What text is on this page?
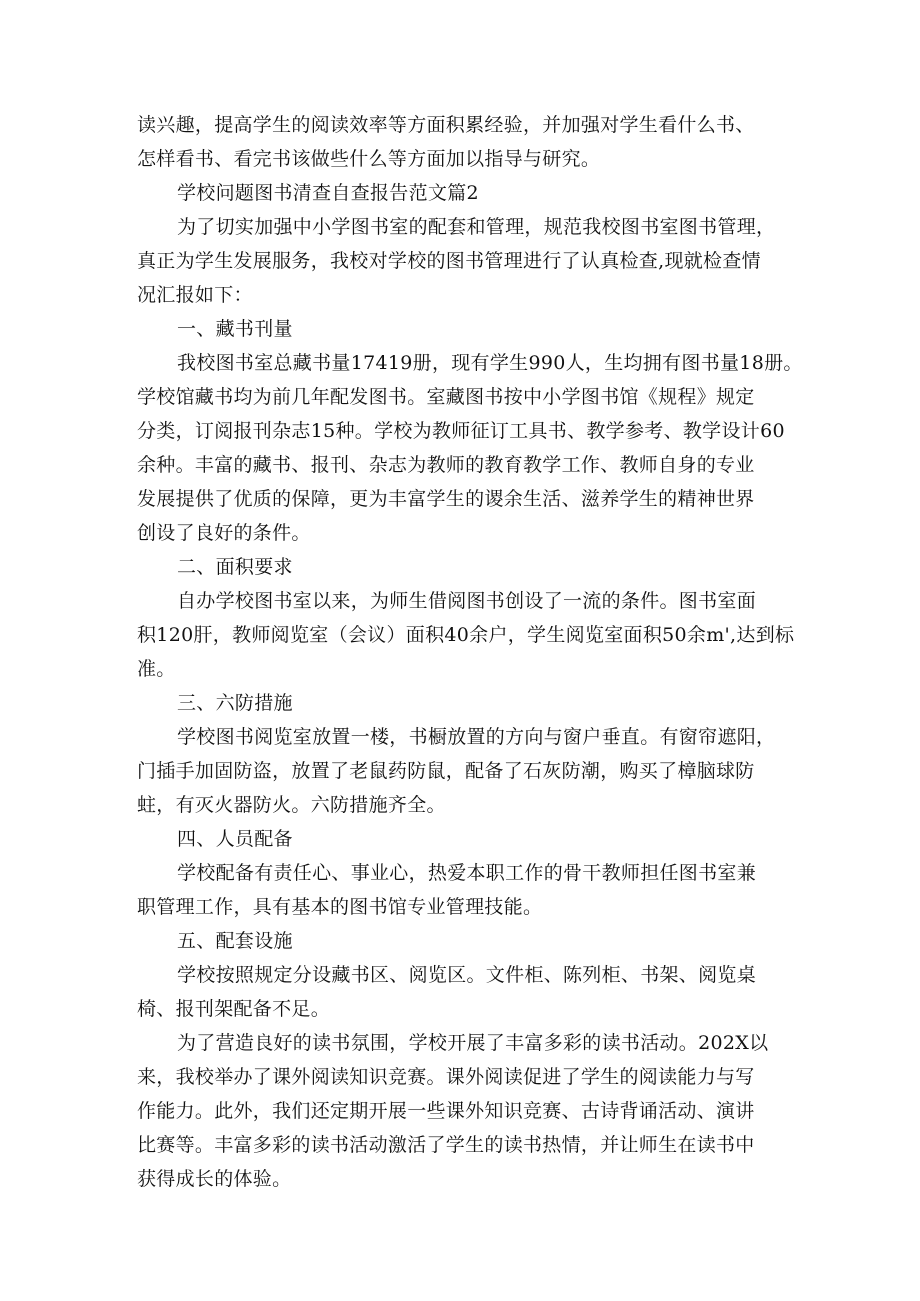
读兴趣，提高学生的阅读效率等方面积累经验，并加强对学生看什么书、
怎样看书、看完书该做些什么等方面加以指导与研究。
学校问题图书清查自查报告范文篇2
为了切实加强中小学图书室的配套和管理，规范我校图书室图书管理，
真正为学生发展服务，我校对学校的图书管理进行了认真检查,现就检查情
况汇报如下：
一、藏书刊量
我校图书室总藏书量17419册，现有学生990人，生均拥有图书量18册。
学校馆藏书均为前几年配发图书。室藏图书按中小学图书馆《规程》规定
分类，订阅报刊杂志15种。学校为教师征订工具书、教学参考、教学设计60
余种。丰富的藏书、报刊、杂志为教师的教育教学工作、教师自身的专业
发展提供了优质的保障，更为丰富学生的谡余生活、滋养学生的精神世界
创设了良好的条件。
二、面积要求
自办学校图书室以来，为师生借阅图书创设了一流的条件。图书室面
积120肝，教师阅览室（会议）面积40余户，学生阅览室面积50余m',达到标
准。
三、六防措施
学校图书阅览室放置一楼，书橱放置的方向与窗户垂直。有窗帘遮阳，
门插手加固防盗，放置了老鼠药防鼠，配备了石灰防潮，购买了樟脑球防
蛀，有灭火器防火。六防措施齐全。
四、人员配备
学校配备有责任心、事业心，热爱本职工作的骨干教师担任图书室兼
职管理工作，具有基本的图书馆专业管理技能。
五、配套设施
学校按照规定分设藏书区、阅览区。文件柜、陈列柜、书架、阅览桌
椅、报刊架配备不足。
为了营造良好的读书氛围，学校开展了丰富多彩的读书活动。202X以
来，我校举办了课外阅读知识竞赛。课外阅读促进了学生的阅读能力与写
作能力。此外，我们还定期开展一些课外知识竞赛、古诗背诵活动、演讲
比赛等。丰富多彩的读书活动激活了学生的读书热情，并让师生在读书中
获得成长的体验。
